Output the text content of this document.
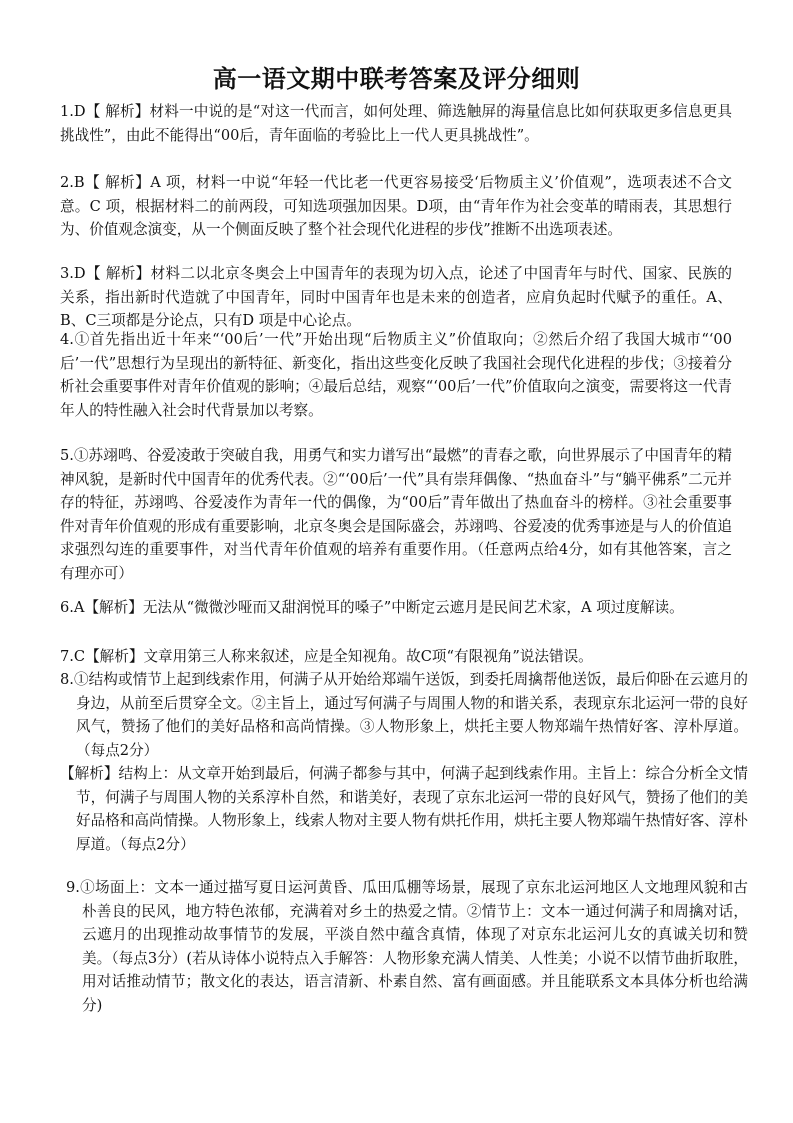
高一语文期中联考答案及评分细则

1.D【 解析】材料一中说的是“对这一代而言，如何处理、筛选触屏的海量信息比如何获取更多信息更具挑战性”，由此不能得出“00后，青年面临的考验比上一代人更具挑战性”。

2.B【 解析】A 项，材料一中说“年轻一代比老一代更容易接受‘后物质主义’价值观”，选项表述不合文意。C 项，根据材料二的前两段，可知选项强加因果。D项，由“青年作为社会变革的晴雨表，其思想行为、价值观念演变，从一个侧面反映了整个社会现代化进程的步伐”推断不出选项表述。

3.D【 解析】材料二以北京冬奥会上中国青年的表现为切入点，论述了中国青年与时代、国家、民族的关系，指出新时代造就了中国青年，同时中国青年也是未来的创造者，应肩负起时代赋予的重任。A、B、C三项都是分论点，只有D 项是中心论点。

4.①首先指出近十年来“‘00后’一代”开始出现“后物质主义”价值取向；②然后介绍了我国大城市“‘00后’一代”思想行为呈现出的新特征、新变化，指出这些变化反映了我国社会现代化进程的步伐；③接着分析社会重要事件对青年价值观的影响；④最后总结，观察“‘00后’一代”价值取向之演变，需要将这一代青年人的特性融入社会时代背景加以考察。

5.①苏翊鸣、谷爱凌敢于突破自我，用勇气和实力谱写出“最燃”的青春之歌，向世界展示了中国青年的精神风貌，是新时代中国青年的优秀代表。②“‘00后’一代”具有崇拜偶像、“热血奋斗”与“躺平佛系”二元并存的特征，苏翊鸣、谷爱凌作为青年一代的偶像，为“00后”青年做出了热血奋斗的榜样。③社会重要事件对青年价值观的形成有重要影响，北京冬奥会是国际盛会，苏翊鸣、谷爱凌的优秀事迹是与人的价值追求强烈勾连的重要事件，对当代青年价值观的培养有重要作用。（任意两点给4分，如有其他答案，言之有理亦可）

6.A【解析】无法从“微微沙哑而又甜润悦耳的嗓子”中断定云遮月是民间艺术家，A 项过度解读。

7.C【解析】文章用第三人称来叙述，应是全知视角。故C项“有限视角”说法错误。

8.①结构或情节上起到线索作用，何满子从开始给郑端午送饭，到委托周擒帮他送饭，最后仰卧在云遮月的身边，从前至后贯穿全文。②主旨上，通过写何满子与周围人物的和谐关系，表现京东北运河一带的良好风气，赞扬了他们的美好品格和高尚情操。③人物形象上，烘托主要人物郑端午热情好客、淳朴厚道。（每点2分）

【解析】结构上：从文章开始到最后，何满子都参与其中，何满子起到线索作用。主旨上：综合分析全文情节，何满子与周围人物的关系淳朴自然，和谐美好，表现了京东北运河一带的良好风气，赞扬了他们的美好品格和高尚情操。人物形象上，线索人物对主要人物有烘托作用，烘托主要人物郑端午热情好客、淳朴厚道。（每点2分）

9.①场面上：文本一通过描写夏日运河黄昏、瓜田瓜棚等场景，展现了京东北运河地区人文地理风貌和古朴善良的民风，地方特色浓郁，充满着对乡土的热爱之情。②情节上：文本一通过何满子和周擒对话，云遮月的出现推动故事情节的发展，平淡自然中蕴含真情，体现了对京东北运河儿女的真诚关切和赞美。（每点3分）(若从诗体小说特点入手解答：人物形象充满人情美、人性美；小说不以情节曲折取胜，用对话推动情节；散文化的表达，语言清新、朴素自然、富有画面感。并且能联系文本具体分析也给满分)
